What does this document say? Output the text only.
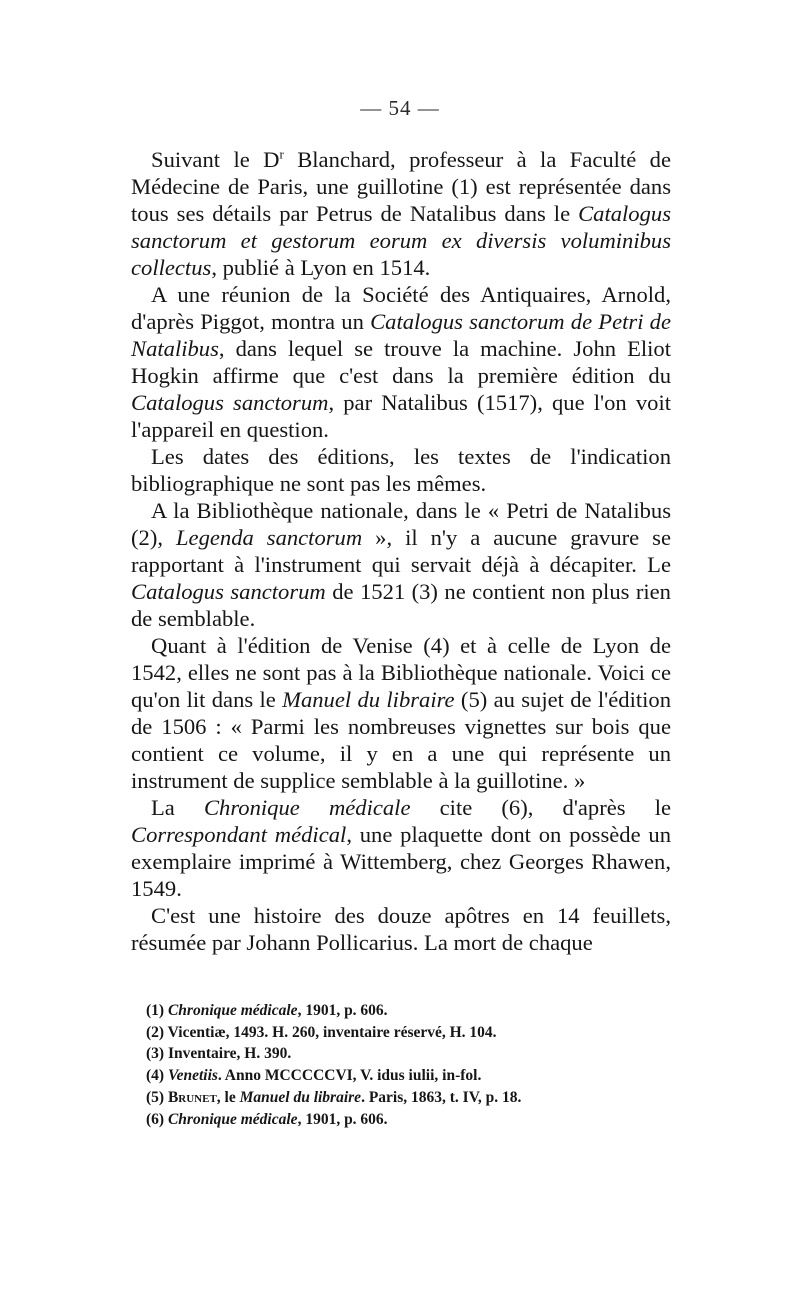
— 54 —

Suivant le $D^r$ Blanchard, professeur à la Faculté de Médecine de Paris, une guillotine (1) est représentée dans tous ses détails par Petrus de Natalibus dans le Catalogus sanctorum et gestorum eorum ex diversis voluminibus collectus, publié à Lyon en 1514.

A une réunion de la Société des Antiquaires, Arnold, d'après Piggot, montra un Catalogus sanctorum de Petri de Natalibus, dans lequel se trouve la machine. John Eliot Hogkin affirme que c'est dans la première édition du Catalogus sanctorum, par Natalibus (1517), que l'on voit l'appareil en question.

Les dates des éditions, les textes de l'indication bibliographique ne sont pas les mêmes.

A la Bibliothèque nationale, dans le « Petri de Natalibus (2), Legenda sanctorum », il n'y a aucune gravure se rapportant à l'instrument qui servait déjà à décapiter. Le Catalogus sanctorum de 1521 (3) ne contient non plus rien de semblable.

Quant à l'édition de Venise (4) et à celle de Lyon de 1542, elles ne sont pas à la Bibliothèque nationale. Voici ce qu'on lit dans le Manuel du libraire (5) au sujet de l'édition de 1506 : « Parmi les nombreuses vignettes sur bois que contient ce volume, il y en a une qui représente un instrument de supplice semblable à la guillotine. »

La Chronique médicale cite (6), d'après le Correspondant médical, une plaquette dont on possède un exemplaire imprimé à Wittemberg, chez Georges Rhawen, 1549.

C'est une histoire des douze apôtres en 14 feuillets, résumée par Johann Pollicarius. La mort de chaque

(1) Chronique médicale, 1901, p. 606.

(2) Vicentiæ, 1493. H. 260, inventaire réservé, H. 104.

(3) Inventaire, H. 390.

(4) Venetiis. Anno MCCCCCVI, V. idus iulii, in-fol.

(5) Brunet, le Manuel du libraire. Paris, 1863, t. IV, p. 18.

(6) Chronique médicale, 1901, p. 606.
